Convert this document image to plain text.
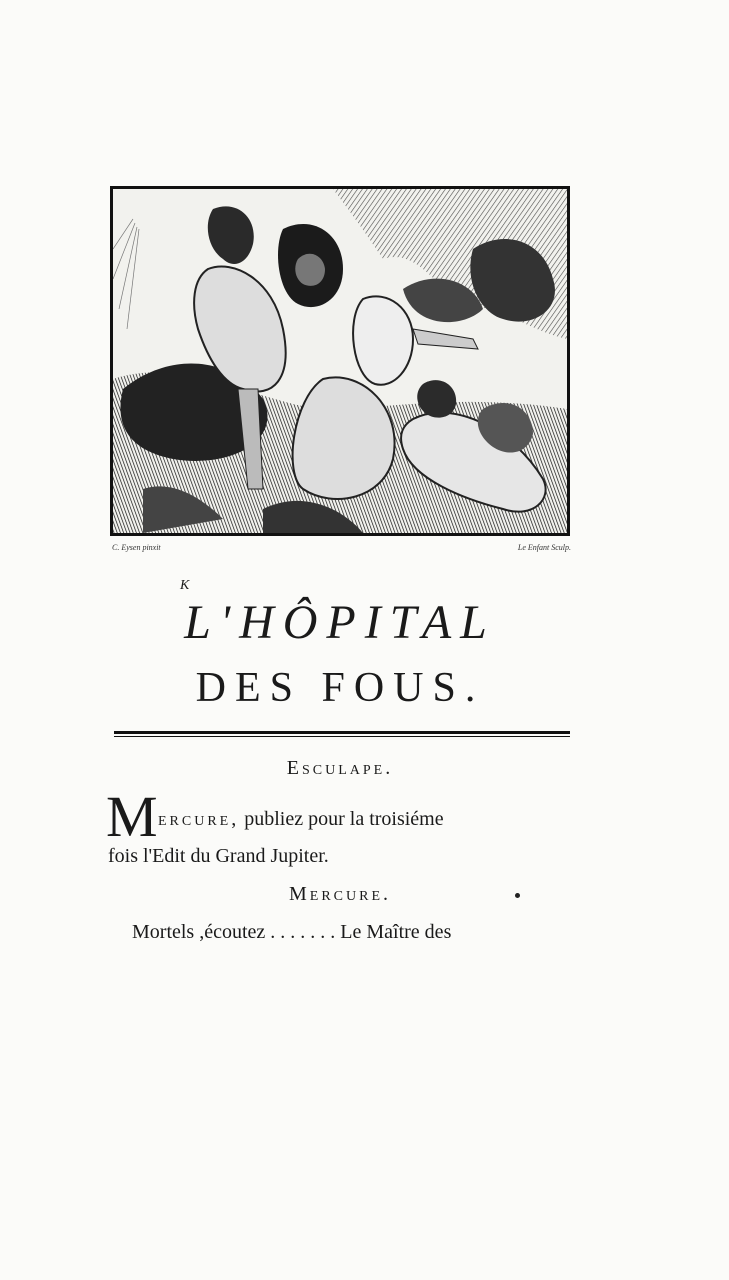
C. Eysen pinxit	Le Enfant Sculp.
K
L'HÔPITAL
DES FOUS.
Esculape.
M ercure, publiez pour la troisiéme
fois l'Edit du Grand Jupiter.
Mercure.
Mortels ,écoutez . . . . . . . Le Maître des
